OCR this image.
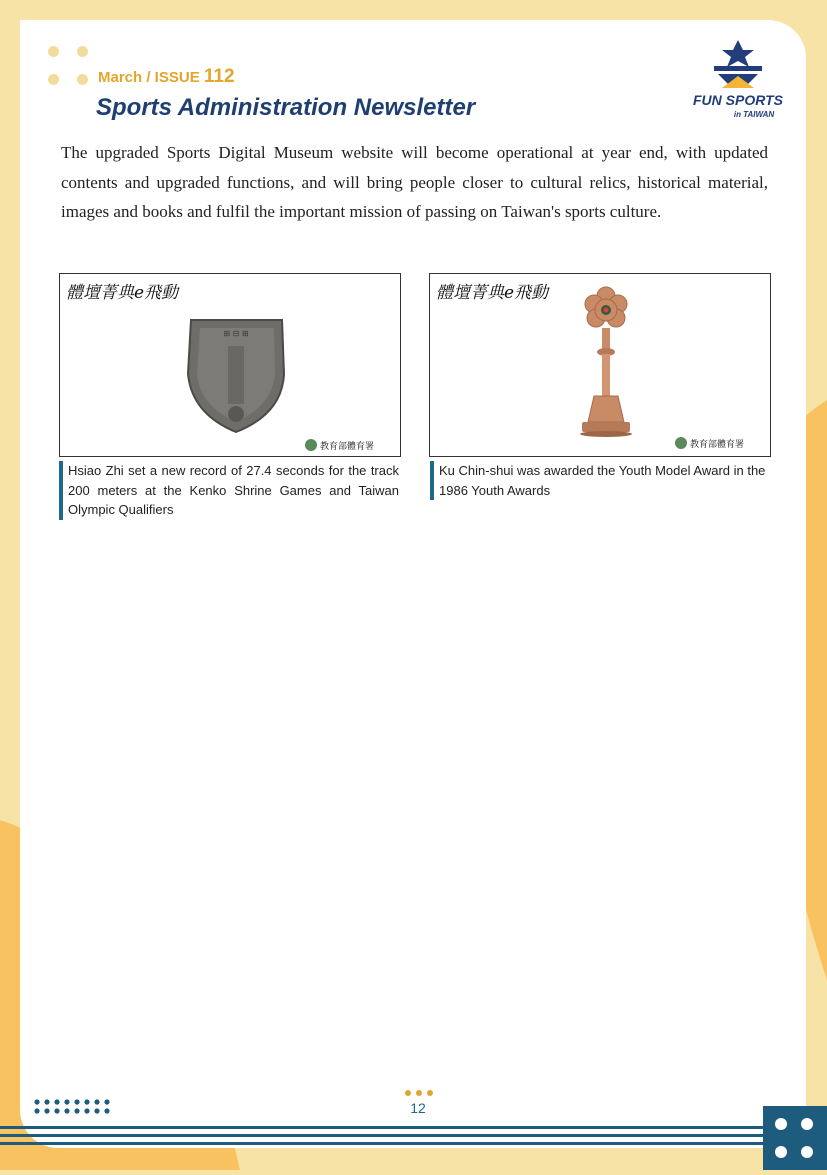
March / ISSUE 112
Sports Administration Newsletter	FUN SPORTS
in TAIWAN

The upgraded Sports Digital Museum website will become operational at year end, with updated contents and upgraded functions, and will bring people closer to cultural relics, historical material, images and books and fulfil the important mission of passing on Taiwan's sports culture.

體壇菁典e飛動
⊞ ⊟ ⊞
教育部體育署
Hsiao Zhi set a new record of 27.4 seconds for the track 200 meters at the Kenko Shrine Games and Taiwan Olympic Qualifiers
體壇菁典e飛動
教育部體育署
Ku Chin-shui was awarded the Youth Model Award in the 1986 Youth Awards
12
